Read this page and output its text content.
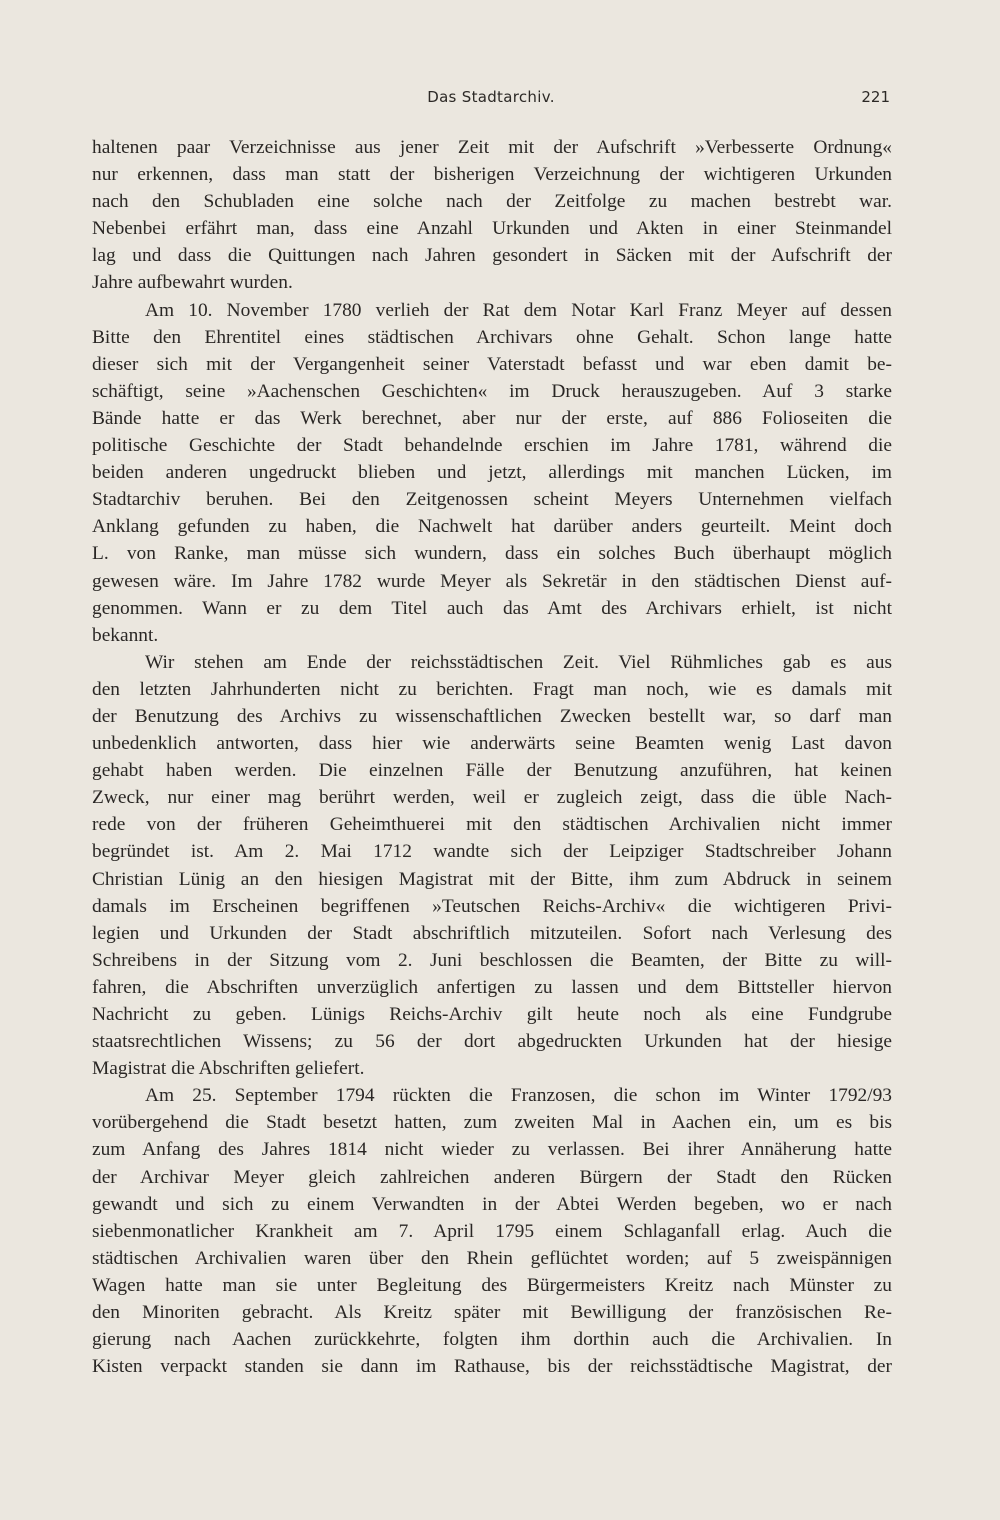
Das Stadtarchiv.	221
haltenen paar Verzeichnisse aus jener Zeit mit der Aufschrift »Verbesserte Ordnung«
nur erkennen, dass man statt der bisherigen Verzeichnung der wichtigeren Urkunden
nach den Schubladen eine solche nach der Zeitfolge zu machen bestrebt war.
Nebenbei erfährt man, dass eine Anzahl Urkunden und Akten in einer Steinmandel
lag und dass die Quittungen nach Jahren gesondert in Säcken mit der Aufschrift der
Jahre aufbewahrt wurden.
Am 10. November 1780 verlieh der Rat dem Notar Karl Franz Meyer auf dessen
Bitte den Ehrentitel eines städtischen Archivars ohne Gehalt. Schon lange hatte
dieser sich mit der Vergangenheit seiner Vaterstadt befasst und war eben damit be-
schäftigt, seine »Aachenschen Geschichten« im Druck herauszugeben. Auf 3 starke
Bände hatte er das Werk berechnet, aber nur der erste, auf 886 Folioseiten die
politische Geschichte der Stadt behandelnde erschien im Jahre 1781, während die
beiden anderen ungedruckt blieben und jetzt, allerdings mit manchen Lücken, im
Stadtarchiv beruhen. Bei den Zeitgenossen scheint Meyers Unternehmen vielfach
Anklang gefunden zu haben, die Nachwelt hat darüber anders geurteilt. Meint doch
L. von Ranke, man müsse sich wundern, dass ein solches Buch überhaupt möglich
gewesen wäre. Im Jahre 1782 wurde Meyer als Sekretär in den städtischen Dienst auf-
genommen. Wann er zu dem Titel auch das Amt des Archivars erhielt, ist nicht
bekannt.
Wir stehen am Ende der reichsstädtischen Zeit. Viel Rühmliches gab es aus
den letzten Jahrhunderten nicht zu berichten. Fragt man noch, wie es damals mit
der Benutzung des Archivs zu wissenschaftlichen Zwecken bestellt war, so darf man
unbedenklich antworten, dass hier wie anderwärts seine Beamten wenig Last davon
gehabt haben werden. Die einzelnen Fälle der Benutzung anzuführen, hat keinen
Zweck, nur einer mag berührt werden, weil er zugleich zeigt, dass die üble Nach-
rede von der früheren Geheimthuerei mit den städtischen Archivalien nicht immer
begründet ist. Am 2. Mai 1712 wandte sich der Leipziger Stadtschreiber Johann
Christian Lünig an den hiesigen Magistrat mit der Bitte, ihm zum Abdruck in seinem
damals im Erscheinen begriffenen »Teutschen Reichs-Archiv« die wichtigeren Privi-
legien und Urkunden der Stadt abschriftlich mitzuteilen. Sofort nach Verlesung des
Schreibens in der Sitzung vom 2. Juni beschlossen die Beamten, der Bitte zu will-
fahren, die Abschriften unverzüglich anfertigen zu lassen und dem Bittsteller hiervon
Nachricht zu geben. Lünigs Reichs-Archiv gilt heute noch als eine Fundgrube
staatsrechtlichen Wissens; zu 56 der dort abgedruckten Urkunden hat der hiesige
Magistrat die Abschriften geliefert.
Am 25. September 1794 rückten die Franzosen, die schon im Winter 1792/93
vorübergehend die Stadt besetzt hatten, zum zweiten Mal in Aachen ein, um es bis
zum Anfang des Jahres 1814 nicht wieder zu verlassen. Bei ihrer Annäherung hatte
der Archivar Meyer gleich zahlreichen anderen Bürgern der Stadt den Rücken
gewandt und sich zu einem Verwandten in der Abtei Werden begeben, wo er nach
siebenmonatlicher Krankheit am 7. April 1795 einem Schlaganfall erlag. Auch die
städtischen Archivalien waren über den Rhein geflüchtet worden; auf 5 zweispännigen
Wagen hatte man sie unter Begleitung des Bürgermeisters Kreitz nach Münster zu
den Minoriten gebracht. Als Kreitz später mit Bewilligung der französischen Re-
gierung nach Aachen zurückkehrte, folgten ihm dorthin auch die Archivalien. In
Kisten verpackt standen sie dann im Rathause, bis der reichsstädtische Magistrat, der
